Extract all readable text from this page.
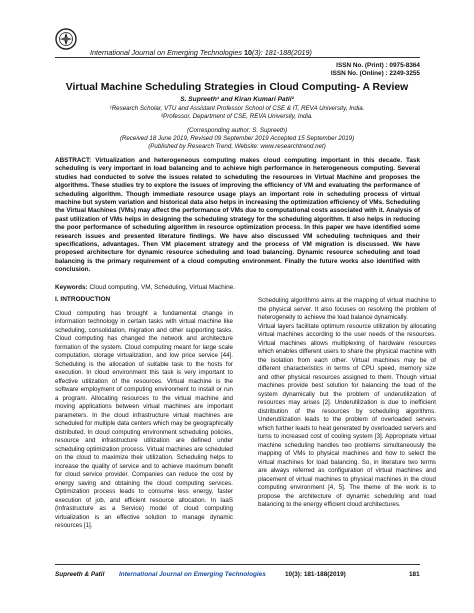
International Journal on Emerging Technologies 10(3): 181-188(2019)
ISSN No. (Print) : 0975-8364
ISSN No. (Online) : 2249-3255
Virtual Machine Scheduling Strategies in Cloud Computing- A Review
S. Supreeth¹ and Kiran Kumari Patil²
¹Research Scholar, VTU and Assistant Professor School of CSE & IT, REVA University, India.
²Professor, Department of CSE, REVA University, India.
(Corresponding author: S. Supreeth)
(Received 18 June 2019, Revised 09 September 2019 Accepted 15 September 2019)
(Published by Research Trend, Website: www.researchtrend.net)
ABSTRACT: Virtualization and heterogeneous computing makes cloud computing important in this decade. Task scheduling is very important in load balancing and to achieve high performance in heterogeneous computing. Several studies had conducted to solve the issues related to scheduling the resources in Virtual Machine and proposes the algorithms. These studies try to explore the issues of improving the efficiency of VM and evaluating the performance of scheduling algorithm. Though immediate resource usage plays an important role in scheduling process of virtual machine but system variation and historical data also helps in increasing the optimization efficiency of VMs. Scheduling the Virtual Machines (VMs) may affect the performance of VMs due to computational costs associated with it. Analysis of past utilization of VMs helps in designing the scheduling strategy for the scheduling algorithm. It also helps in reducing the poor performance of scheduling algorithm in resource optimization process. In this paper we have identified some research issues and presented literature findings. We have also discussed VM scheduling techniques and their specifications, advantages. Then VM placement strategy and the process of VM migration is discussed. We have proposed architecture for dynamic resource scheduling and load balancing. Dynamic resource scheduling and load balancing is the primary requirement of a cloud computing environment. Finally the future works also identified with conclusion.
Keywords: Cloud computing, VM, Scheduling, Virtual Machine.
I. INTRODUCTION

Cloud computing has brought a fundamental change in information technology in certain tasks with virtual machine like scheduling, consolidation, migration and other supporting tasks. Cloud computing has changed the network and architecture formation of the system. Cloud computing meant for large scale computation, storage virtualization, and low price service [44]. Scheduling is the allocation of suitable task to the hosts for execution. In cloud environment this task is very important to effective utilization of the resources. Virtual machine is the software employment of computing environment to install or run a program. Allocating resources to the virtual machine and moving applications between virtual machines are important parameters. In the cloud infrastructure virtual machines are scheduled for multiple data centers which may be geographically distributed. In cloud computing environment scheduling policies, resource and infrastructure utilization are defined under scheduling optimization process. Virtual machines are scheduled on the cloud to maximize their utilization. Scheduling helps to increase the quality of service and to achieve maximum benefit for cloud service provider. Companies can reduce the cost by energy saving and obtaining the cloud computing services. Optimization process leads to consume less energy, faster execution of job, and efficient resource allocation. In IaaS (Infrastructure as a Service) model of cloud computing virtualization is an effective solution to manage dynamic resources [1].

Scheduling algorithms aims at the mapping of virtual machine to the physical server. It also focuses on resolving the problem of heterogeneity to achieve the load balance dynamically.

Virtual layers facilitate optimum resource utilization by allocating virtual machines according to the user needs of the resources. Virtual machines allows multiplexing of hardware resources which enables different users to share the physical machine with the isolation from each other. Virtual machines may be of different characteristics in terms of CPU speed, memory size and other physical resources assigned to them. Though virtual machines provide best solution for balancing the load of the system dynamically but the problem of underutilization of resources may arises [2]. Underutilization is due to inefficient distribution of the resources by scheduling algorithms. Underutilization leads to the problem of overloaded servers which further leads to heat generated by overloaded servers and turns to increased cost of cooling system [3]. Appropriate virtual machine scheduling handles two problems simultaneously the mapping of VMs to physical machines and how to select the virtual machines for load balancing. So, in literature two terms are always referred as configuration of virtual machines and placement of virtual machines to physical machines in the cloud computing environment [4, 5]. The theme of the work is to propose the architecture of dynamic scheduling and load balancing to the energy efficient cloud architectures.

Supreeth & Patil International Journal on Emerging Technologies	10(3): 181-188(2019)	181
